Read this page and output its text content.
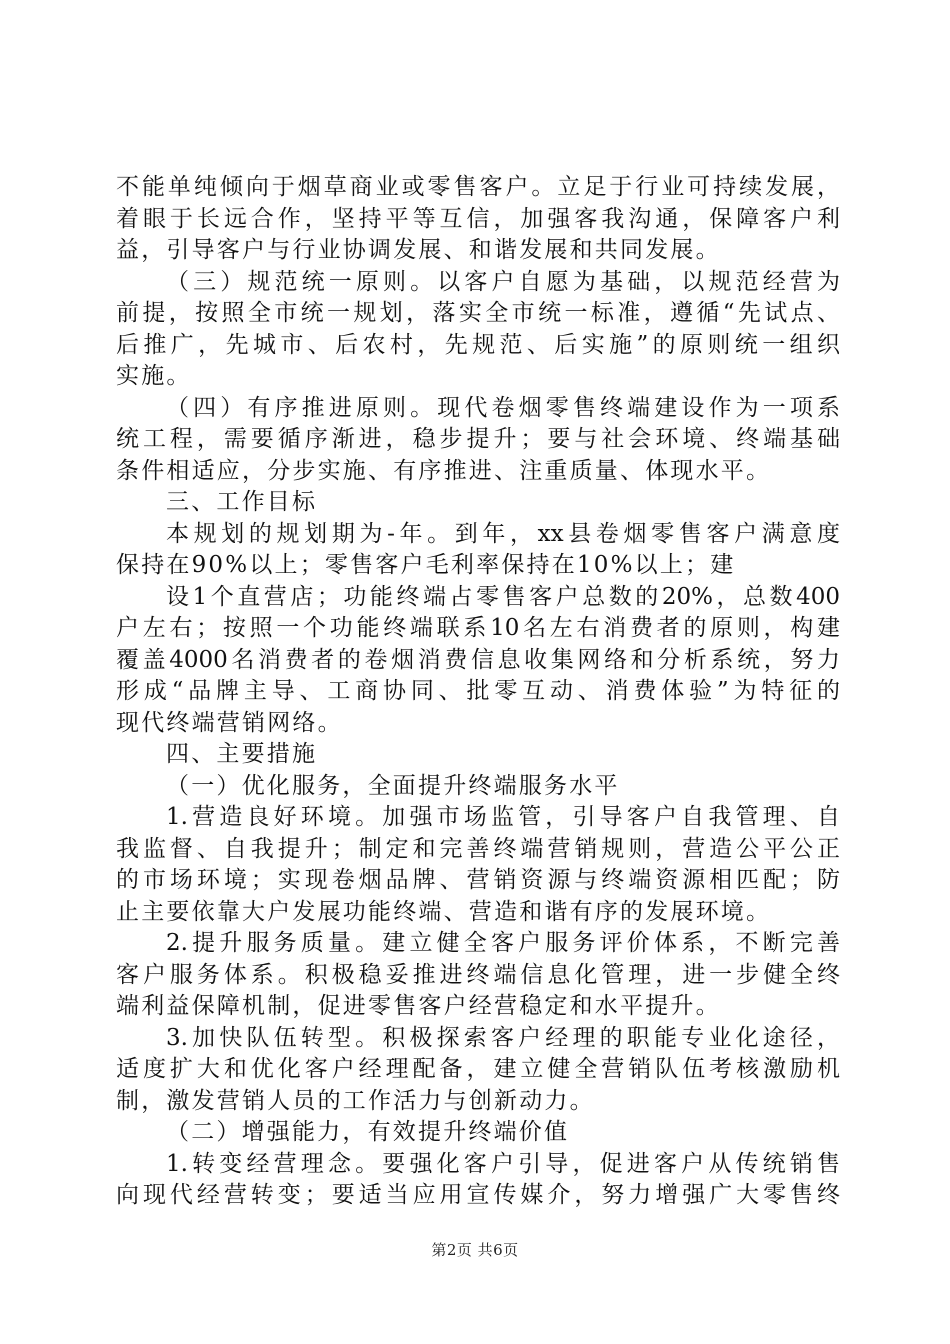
不能单纯倾向于烟草商业或零售客户。立足于行业可持续发展，
着眼于长远合作，坚持平等互信，加强客我沟通，保障客户利
益，引导客户与行业协调发展、和谐发展和共同发展。
（三）规范统一原则。以客户自愿为基础，以规范经营为
前提，按照全市统一规划，落实全市统一标准，遵循“先试点、
后推广，先城市、后农村，先规范、后实施”的原则统一组织
实施。
（四）有序推进原则。现代卷烟零售终端建设作为一项系
统工程，需要循序渐进，稳步提升；要与社会环境、终端基础
条件相适应，分步实施、有序推进、注重质量、体现水平。
三、工作目标
本规划的规划期为-年。到年，xx县卷烟零售客户满意度
保持在90%以上；零售客户毛利率保持在10%以上；建
设1个直营店；功能终端占零售客户总数的20%，总数400
户左右；按照一个功能终端联系10名左右消费者的原则，构建
覆盖4000名消费者的卷烟消费信息收集网络和分析系统，努力
形成“品牌主导、工商协同、批零互动、消费体验”为特征的
现代终端营销网络。
四、主要措施
（一）优化服务，全面提升终端服务水平
1.营造良好环境。加强市场监管，引导客户自我管理、自
我监督、自我提升；制定和完善终端营销规则，营造公平公正
的市场环境；实现卷烟品牌、营销资源与终端资源相匹配；防
止主要依靠大户发展功能终端、营造和谐有序的发展环境。
2.提升服务质量。建立健全客户服务评价体系，不断完善
客户服务体系。积极稳妥推进终端信息化管理，进一步健全终
端利益保障机制，促进零售客户经营稳定和水平提升。
3.加快队伍转型。积极探索客户经理的职能专业化途径，
适度扩大和优化客户经理配备，建立健全营销队伍考核激励机
制，激发营销人员的工作活力与创新动力。
（二）增强能力，有效提升终端价值
1.转变经营理念。要强化客户引导，促进客户从传统销售
向现代经营转变；要适当应用宣传媒介，努力增强广大零售终
第2页 共6页
